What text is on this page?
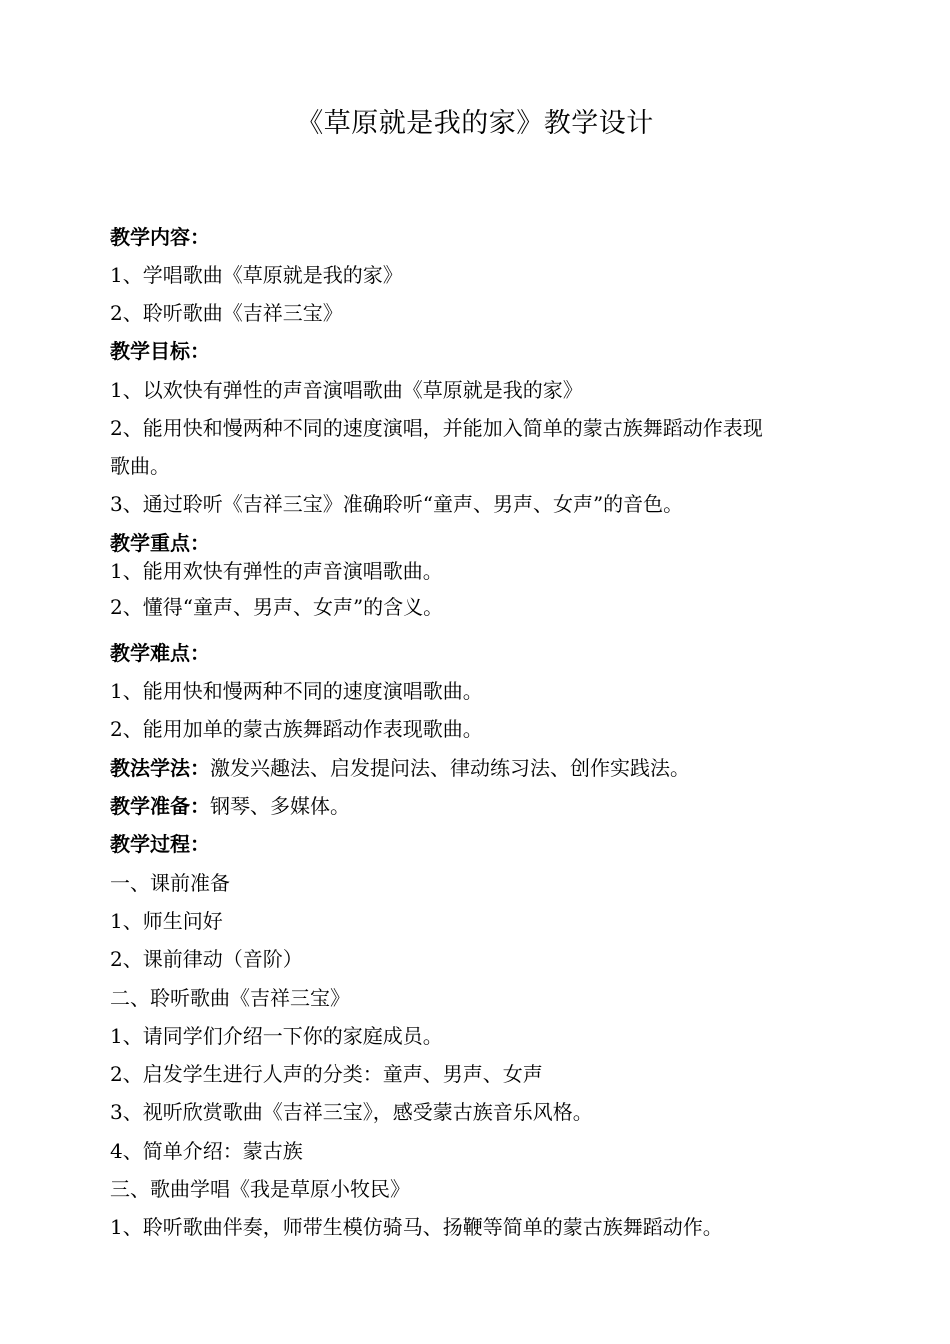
《草原就是我的家》教学设计
教学内容：
1、学唱歌曲《草原就是我的家》
2、聆听歌曲《吉祥三宝》
教学目标：
1、以欢快有弹性的声音演唱歌曲《草原就是我的家》
2、能用快和慢两种不同的速度演唱，并能加入简单的蒙古族舞蹈动作表现
歌曲。
3、通过聆听《吉祥三宝》准确聆听“童声、男声、女声”的音色。
教学重点：
1、能用欢快有弹性的声音演唱歌曲。
2、懂得“童声、男声、女声”的含义。
教学难点：
1、能用快和慢两种不同的速度演唱歌曲。
2、能用加单的蒙古族舞蹈动作表现歌曲。
教法学法：激发兴趣法、启发提问法、律动练习法、创作实践法。
教学准备：钢琴、多媒体。
教学过程：
一、课前准备
1、师生问好
2、课前律动（音阶）
二、聆听歌曲《吉祥三宝》
1、请同学们介绍一下你的家庭成员。
2、启发学生进行人声的分类：童声、男声、女声
3、视听欣赏歌曲《吉祥三宝》，感受蒙古族音乐风格。
4、简单介绍：蒙古族
三、歌曲学唱《我是草原小牧民》
1、聆听歌曲伴奏，师带生模仿骑马、扬鞭等简单的蒙古族舞蹈动作。
